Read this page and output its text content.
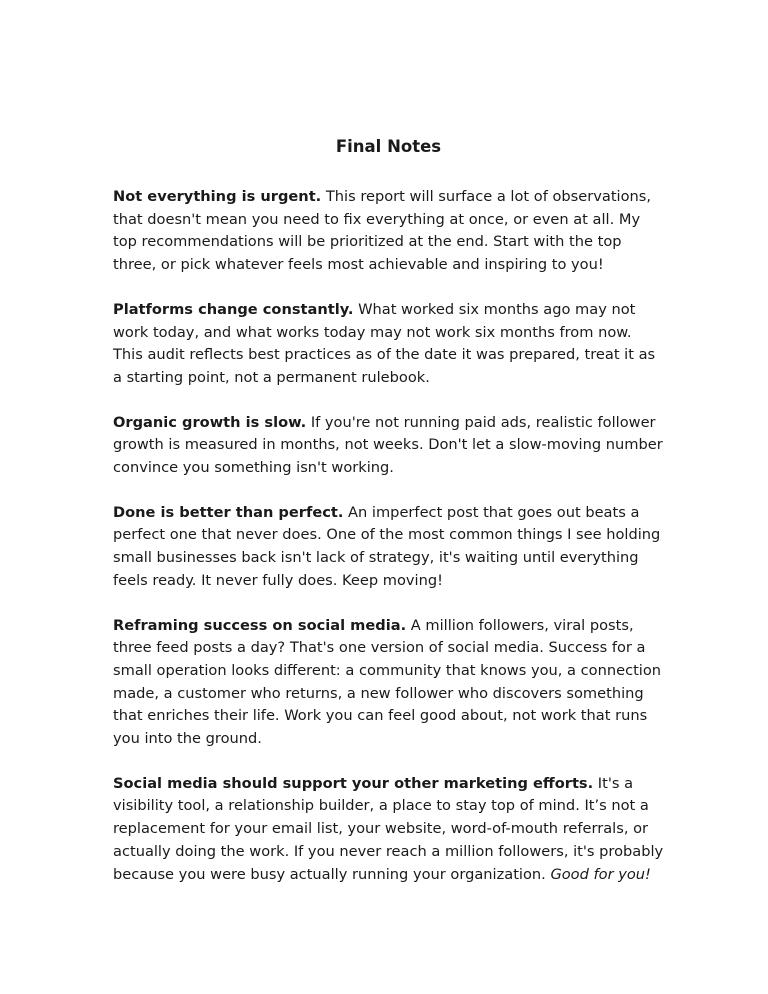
Final Notes

Not everything is urgent. This report will surface a lot of observations, that doesn't mean you need to fix everything at once, or even at all. My top recommendations will be prioritized at the end. Start with the top three, or pick whatever feels most achievable and inspiring to you!

Platforms change constantly. What worked six months ago may not work today, and what works today may not work six months from now. This audit reflects best practices as of the date it was prepared, treat it as a starting point, not a permanent rulebook.

Organic growth is slow. If you're not running paid ads, realistic follower growth is measured in months, not weeks. Don't let a slow-moving number convince you something isn't working.

Done is better than perfect. An imperfect post that goes out beats a perfect one that never does. One of the most common things I see holding small businesses back isn't lack of strategy, it's waiting until everything feels ready. It never fully does. Keep moving!

Reframing success on social media. A million followers, viral posts, three feed posts a day? That's one version of social media. Success for a small operation looks different: a community that knows you, a connection made, a customer who returns, a new follower who discovers something that enriches their life. Work you can feel good about, not work that runs you into the ground.

Social media should support your other marketing efforts. It's a visibility tool, a relationship builder, a place to stay top of mind. It’s not a replacement for your email list, your website, word-of-mouth referrals, or actually doing the work. If you never reach a million followers, it's probably because you were busy actually running your organization. Good for you!
